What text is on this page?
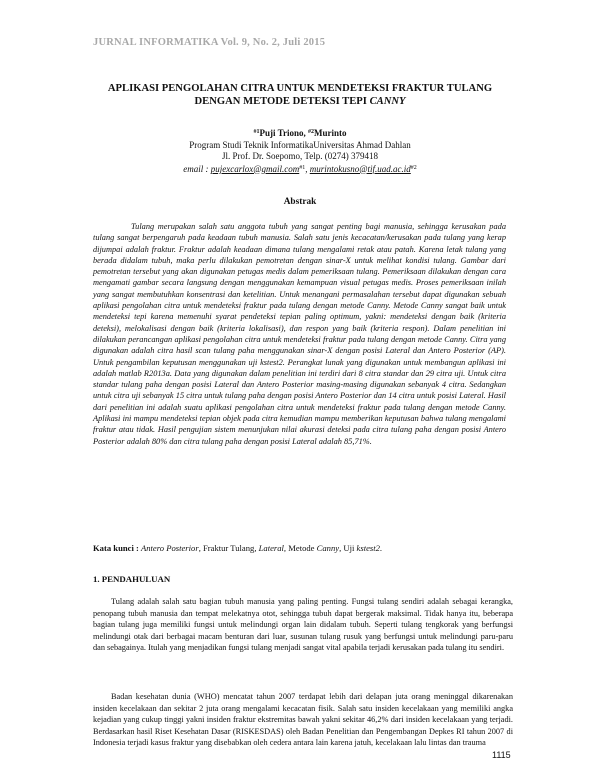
JURNAL INFORMATIKA Vol. 9, No. 2, Juli 2015
APLIKASI PENGOLAHAN CITRA UNTUK MENDETEKSI FRAKTUR TULANG
DENGAN METODE DETEKSI TEPI CANNY
$^{\#1}$Puji Triono, $^{\#2}$Murinto
Program Studi Teknik InformatikaUniversitas Ahmad Dahlan
Jl. Prof. Dr. Soepomo, Telp. (0274) 379418
email : pujexcarlox@gmail.com$^{\#1}$, $murintokusno@tif.uad.ac.id^{\#2}$
Abstrak

Tulang merupakan salah satu anggota tubuh yang sangat penting bagi manusia, sehingga kerusakan pada tulang sangat berpengaruh pada keadaan tubuh manusia. Salah satu jenis kecacatan/kerusakan pada tulang yang kerap dijumpai adalah fraktur. Fraktur adalah keadaan dimana tulang mengalami retak atau patah. Karena letak tulang yang berada didalam tubuh, maka perlu dilakukan pemotretan dengan sinar-X untuk melihat kondisi tulang. Gambar dari pemotretan tersebut yang akan digunakan petugas medis dalam pemeriksaan tulang. Pemeriksaan dilakukan dengan cara mengamati gambar secara langsung dengan menggunakan kemampuan visual petugas medis. Proses pemeriksaan inilah yang sangat membutuhkan konsentrasi dan ketelitian. Untuk menangani permasalahan tersebut dapat digunakan sebuah aplikasi pengolahan citra untuk mendeteksi fraktur pada tulang dengan metode Canny. Metode Canny sangat baik untuk mendeteksi tepi karena memenuhi syarat pendeteksi tepian paling optimum, yakni: mendeteksi dengan baik (kriteria deteksi), melokalisasi dengan baik (kriteria lokalisasi), dan respon yang baik (kriteria respon). Dalam penelitian ini dilakukan perancangan aplikasi pengolahan citra untuk mendeteksi fraktur pada tulang dengan metode Canny. Citra yang digunakan adalah citra hasil scan tulang paha menggunakan sinar-X dengan posisi Lateral dan Antero Posterior (AP). Untuk pengambilan keputusan menggunakan uji kstest2. Perangkat lunak yang digunakan untuk membangun aplikasi ini adalah matlab R2013a. Data yang digunakan dalam penelitian ini terdiri dari 8 citra standar dan 29 citra uji. Untuk citra standar tulang paha dengan posisi Lateral dan Antero Posterior masing-masing digunakan sebanyak 4 citra. Sedangkan untuk citra uji sebanyak 15 citra untuk tulang paha dengan posisi Antero Posterior dan 14 citra untuk posisi Lateral. Hasil dari penelitian ini adalah suatu aplikasi pengolahan citra untuk mendeteksi fraktur pada tulang dengan metode Canny. Aplikasi ini mampu mendeteksi tepian objek pada citra kemudian mampu memberikan keputusan bahwa tulang mengalami fraktur atau tidak. Hasil pengujian sistem menunjukan nilai akurasi deteksi pada citra tulang paha dengan posisi Antero Posterior adalah 80% dan citra tulang paha dengan posisi Lateral adalah 85,71%.

Kata kunci : Antero Posterior, Fraktur Tulang, Lateral, Metode Canny, Uji kstest2.

1. PENDAHULUAN

Tulang adalah salah satu bagian tubuh manusia yang paling penting. Fungsi tulang sendiri adalah sebagai kerangka, penopang tubuh manusia dan tempat melekatnya otot, sehingga tubuh dapat bergerak maksimal. Tidak hanya itu, beberapa bagian tulang juga memiliki fungsi untuk melindungi organ lain didalam tubuh. Seperti tulang tengkorak yang berfungsi melindungi otak dari berbagai macam benturan dari luar, susunan tulang rusuk yang berfungsi untuk melindungi paru-paru dan sebagainya. Itulah yang menjadikan fungsi tulang menjadi sangat vital apabila terjadi kerusakan pada tulang itu sendiri.

Badan kesehatan dunia (WHO) mencatat tahun 2007 terdapat lebih dari delapan juta orang meninggal dikarenakan insiden kecelakaan dan sekitar 2 juta orang mengalami kecacatan fisik. Salah satu insiden kecelakaan yang memiliki angka kejadian yang cukup tinggi yakni insiden fraktur ekstremitas bawah yakni sekitar 46,2% dari insiden kecelakaan yang terjadi. Berdasarkan hasil Riset Kesehatan Dasar (RISKESDAS) oleh Badan Penelitian dan Pengembangan Depkes RI tahun 2007 di Indonesia terjadi kasus fraktur yang disebabkan oleh cedera antara lain karena jatuh, kecelakaan lalu lintas dan trauma

1115
